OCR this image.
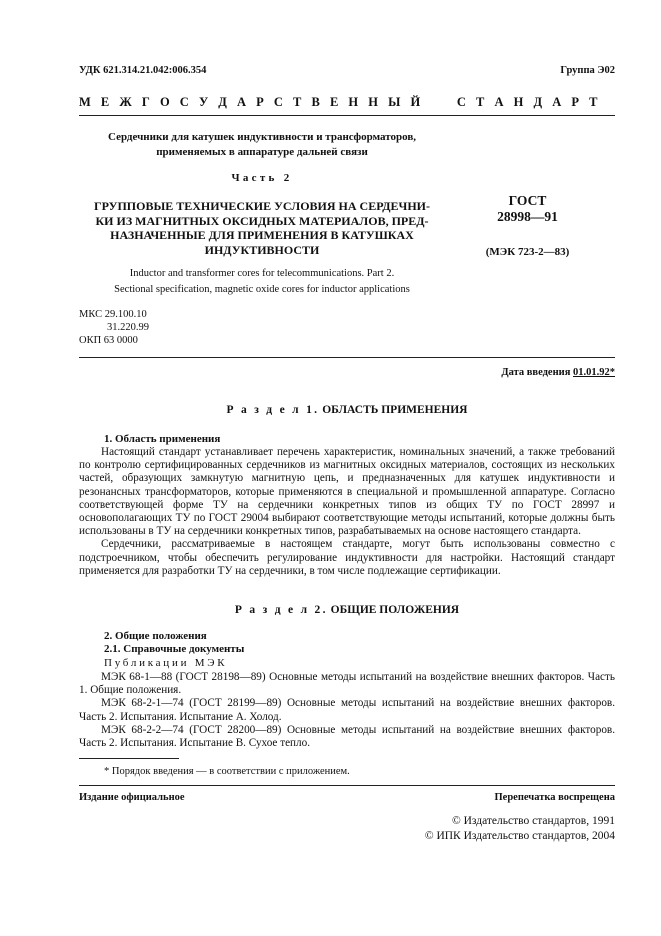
УДК 621.314.21.042:006.354	Группа Э02
М Е Ж Г О С У Д А Р С Т В Е Н Н Ы Й     С Т А Н Д А Р Т
Сердечники для катушек индуктивности и трансформаторов,
применяемых в аппаратуре дальней связи
Часть 2
ГРУППОВЫЕ ТЕХНИЧЕСКИЕ УСЛОВИЯ НА СЕРДЕЧНИ-
КИ ИЗ МАГНИТНЫХ ОКСИДНЫХ МАТЕРИАЛОВ, ПРЕД-
НАЗНАЧЕННЫЕ ДЛЯ ПРИМЕНЕНИЯ В КАТУШКАХ
ИНДУКТИВНОСТИ
ГОСТ
28998—91
(МЭК 723-2—83)
Inductor and transformer cores for telecommunications. Part 2.
Sectional specification, magnetic oxide cores for inductor applications
МКС 29.100.10
31.220.99
ОКП 63 0000
Дата введения 01.01.92*
Р а з д е л 1. ОБЛАСТЬ ПРИМЕНЕНИЯ
1. Область применения

Настоящий стандарт устанавливает перечень характеристик, номинальных значений, а также требований по контролю сертифицированных сердечников из магнитных оксидных материалов, состоящих из нескольких частей, образующих замкнутую магнитную цепь, и предназначенных для катушек индуктивности и резонансных трансформаторов, которые применяются в специальной и промышленной аппаратуре. Согласно соответствующей форме ТУ на сердечники конкретных типов из общих ТУ по ГОСТ 28997 и основополагающих ТУ по ГОСТ 29004 выбирают соответствующие методы испытаний, которые должны быть использованы в ТУ на сердечники конкретных типов, разрабатываемых на основе настоящего стандарта.

Сердечники, рассматриваемые в настоящем стандарте, могут быть использованы совместно с подстроечником, чтобы обеспечить регулирование индуктивности для настройки. Настоящий стандарт применяется для разработки ТУ на сердечники, в том числе подлежащие сертификации.

Р а з д е л 2. ОБЩИЕ ПОЛОЖЕНИЯ
2. Общие положения
2.1. Справочные документы
Публикации МЭК

МЭК 68-1—88 (ГОСТ 28198—89) Основные методы испытаний на воздействие внешних факторов. Часть 1. Общие положения.

МЭК 68-2-1—74 (ГОСТ 28199—89) Основные методы испытаний на воздействие внешних факторов. Часть 2. Испытания. Испытание А. Холод.

МЭК 68-2-2—74 (ГОСТ 28200—89) Основные методы испытаний на воздействие внешних факторов. Часть 2. Испытания. Испытание В. Сухое тепло.

* Порядок введения — в соответствии с приложением.
Издание официальное	Перепечатка воспрещена
© Издательство стандартов, 1991
© ИПК Издательство стандартов, 2004
